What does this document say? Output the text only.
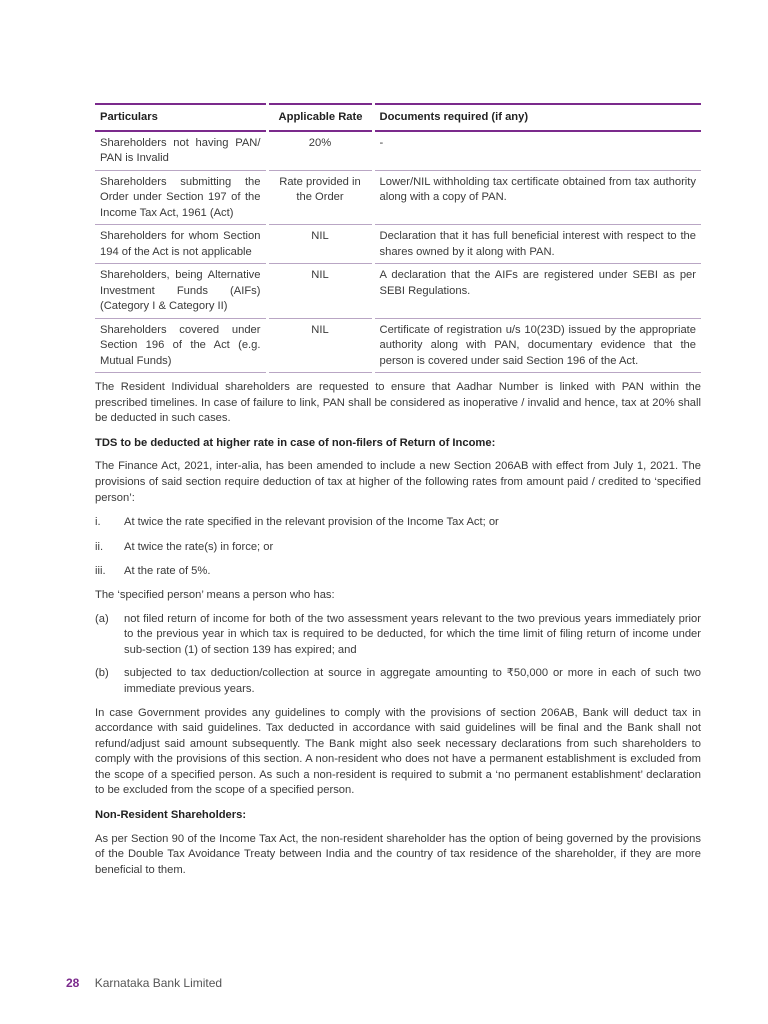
Particulars	Applicable Rate	Documents required (if any)
Shareholders not having PAN/ PAN is Invalid	20%	-
Shareholders submitting the Order under Section 197 of the Income Tax Act, 1961 (Act)	Rate provided in the Order	Lower/NIL withholding tax certificate obtained from tax authority along with a copy of PAN.
Shareholders for whom Section 194 of the Act is not applicable	NIL	Declaration that it has full beneficial interest with respect to the shares owned by it along with PAN.
Shareholders, being Alternative Investment Funds (AIFs) (Category I & Category II)	NIL	A declaration that the AIFs are registered under SEBI as per SEBI Regulations.
Shareholders covered under Section 196 of the Act (e.g. Mutual Funds)	NIL	Certificate of registration u/s 10(23D) issued by the appropriate authority along with PAN, documentary evidence that the person is covered under said Section 196 of the Act.

The Resident Individual shareholders are requested to ensure that Aadhar Number is linked with PAN within the prescribed timelines. In case of failure to link, PAN shall be considered as inoperative / invalid and hence, tax at 20% shall be deducted in such cases.

TDS to be deducted at higher rate in case of non-filers of Return of Income:

The Finance Act, 2021, inter-alia, has been amended to include a new Section 206AB with effect from July 1, 2021. The provisions of said section require deduction of tax at higher of the following rates from amount paid / credited to ‘specified person’:

i. At twice the rate specified in the relevant provision of the Income Tax Act; or
ii. At twice the rate(s) in force; or
iii. At the rate of 5%.

The ‘specified person’ means a person who has:

(a) not filed return of income for both of the two assessment years relevant to the two previous years immediately prior to the previous year in which tax is required to be deducted, for which the time limit of filing return of income under sub-section (1) of section 139 has expired; and
(b) subjected to tax deduction/collection at source in aggregate amounting to ₹50,000 or more in each of such two immediate previous years.

In case Government provides any guidelines to comply with the provisions of section 206AB, Bank will deduct tax in accordance with said guidelines. Tax deducted in accordance with said guidelines will be final and the Bank shall not refund/adjust said amount subsequently. The Bank might also seek necessary declarations from such shareholders to comply with the provisions of this section. A non-resident who does not have a permanent establishment is excluded from the scope of a specified person. As such a non-resident is required to submit a ‘no permanent establishment’ declaration to be excluded from the scope of a specified person.

Non-Resident Shareholders:

As per Section 90 of the Income Tax Act, the non-resident shareholder has the option of being governed by the provisions of the Double Tax Avoidance Treaty between India and the country of tax residence of the shareholder, if they are more beneficial to them.

28 Karnataka Bank Limited
